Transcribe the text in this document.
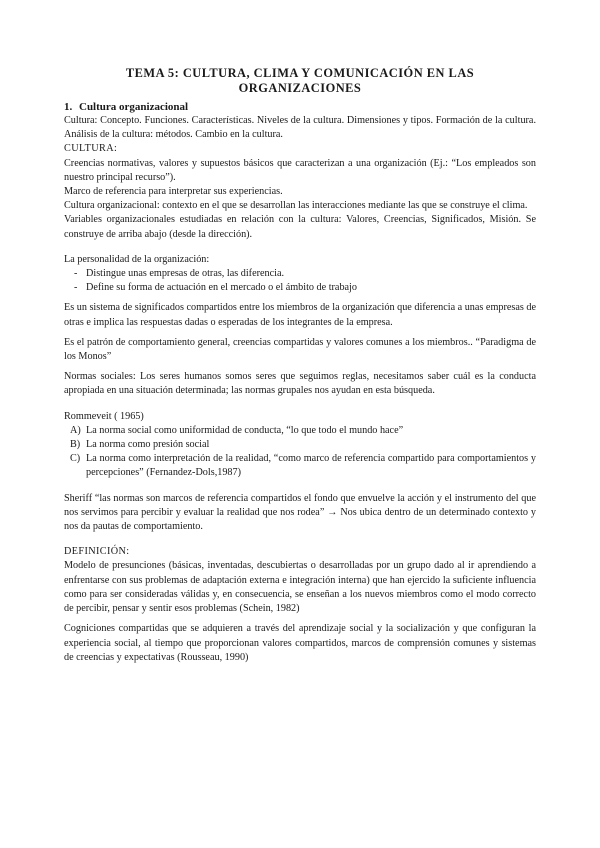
TEMA 5: CULTURA, CLIMA Y COMUNICACIÓN EN LAS ORGANIZACIONES
1. Cultura organizacional

Cultura: Concepto. Funciones. Características. Niveles de la cultura. Dimensiones y tipos. Formación de la cultura. Análisis de la cultura: métodos. Cambio en la cultura.

CULTURA:

Creencias normativas, valores y supuestos básicos que caracterizan a una organización (Ej.: “Los empleados son nuestro principal recurso”).

Marco de referencia para interpretar sus experiencias.

Cultura organizacional: contexto en el que se desarrollan las interacciones mediante las que se construye el clima.

Variables organizacionales estudiadas en relación con la cultura: Valores, Creencias, Significados, Misión. Se construye de arriba abajo (desde la dirección).

La personalidad de la organización:

- Distingue unas empresas de otras, las diferencia.
- Define su forma de actuación en el mercado o el ámbito de trabajo

Es un sistema de significados compartidos entre los miembros de la organización que diferencia a unas empresas de otras e implica las respuestas dadas o esperadas de los integrantes de la empresa.

Es el patrón de comportamiento general, creencias compartidas y valores comunes a los miembros.. “Paradigma de los Monos”

Normas sociales: Los seres humanos somos seres que seguimos reglas, necesitamos saber cuál es la conducta apropiada en una situación determinada; las normas grupales nos ayudan en esta búsqueda.

Rommeveit ( 1965)

A) La norma social como uniformidad de conducta, “lo que todo el mundo hace”
B) La norma como presión social
C) La norma como interpretación de la realidad, “como marco de referencia compartido para comportamientos y percepciones” (Fernandez-Dols,1987)

Sheriff “las normas son marcos de referencia compartidos el fondo que envuelve la acción y el instrumento del que nos servimos para percibir y evaluar la realidad que nos rodea” → Nos ubica dentro de un determinado contexto y nos da pautas de comportamiento.

DEFINICIÓN:

Modelo de presunciones (básicas, inventadas, descubiertas o desarrolladas por un grupo dado al ir aprendiendo a enfrentarse con sus problemas de adaptación externa e integración interna) que han ejercido la suficiente influencia como para ser consideradas válidas y, en consecuencia, se enseñan a los nuevos miembros como el modo correcto de percibir, pensar y sentir esos problemas (Schein, 1982)

Cogniciones compartidas que se adquieren a través del aprendizaje social y la socialización y que configuran la experiencia social, al tiempo que proporcionan valores compartidos, marcos de comprensión comunes y sistemas de creencias y expectativas (Rousseau, 1990)
